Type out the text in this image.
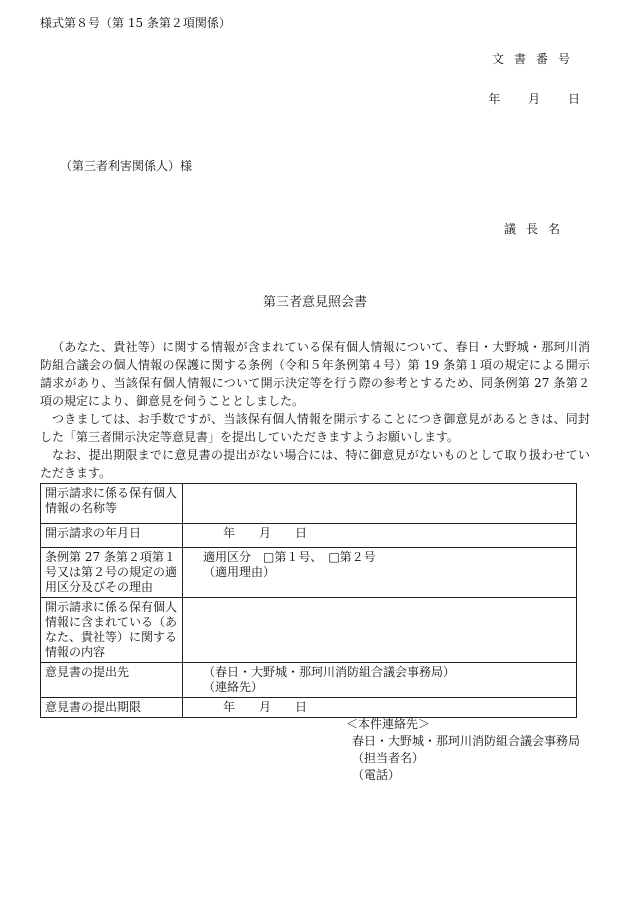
様式第８号（第 15 条第２項関係）
文書番号
年 月 日
（第三者利害関係人）様
議長名
第三者意見照会書

（あなた、貴社等）に関する情報が含まれている保有個人情報について、春日・大野城・那珂川消防組合議会の個人情報の保護に関する条例（令和５年条例第４号）第 19 条第１項の規定による開示請求があり、当該保有個人情報について開示決定等を行う際の参考とするため、同条例第 27 条第２項の規定により、御意見を伺うこととしました。

つきましては、お手数ですが、当該保有個人情報を開示することにつき御意見があるときは、同封した「第三者開示決定等意見書」を提出していただきますようお願いします。

なお、提出期限までに意見書の提出がない場合には、特に御意見がないものとして取り扱わせていただきます。

開示請求に係る保有個人情報の名称等	
開示請求の年月日	年　　月　　日
条例第 27 条第２項第１号又は第２号の規定の適用区分及びその理由	適用区分　□第１号、　□第２号
（適用理由）

開示請求に係る保有個人情報に含まれている（あなた、貴社等）に関する情報の内容	
意見書の提出先	（春日・大野城・那珂川消防組合議会事務局）
（連絡先）

意見書の提出期限	年　　月　　日
＜本件連絡先＞
春日・大野城・那珂川消防組合議会事務局
（担当者名）
（電話）
